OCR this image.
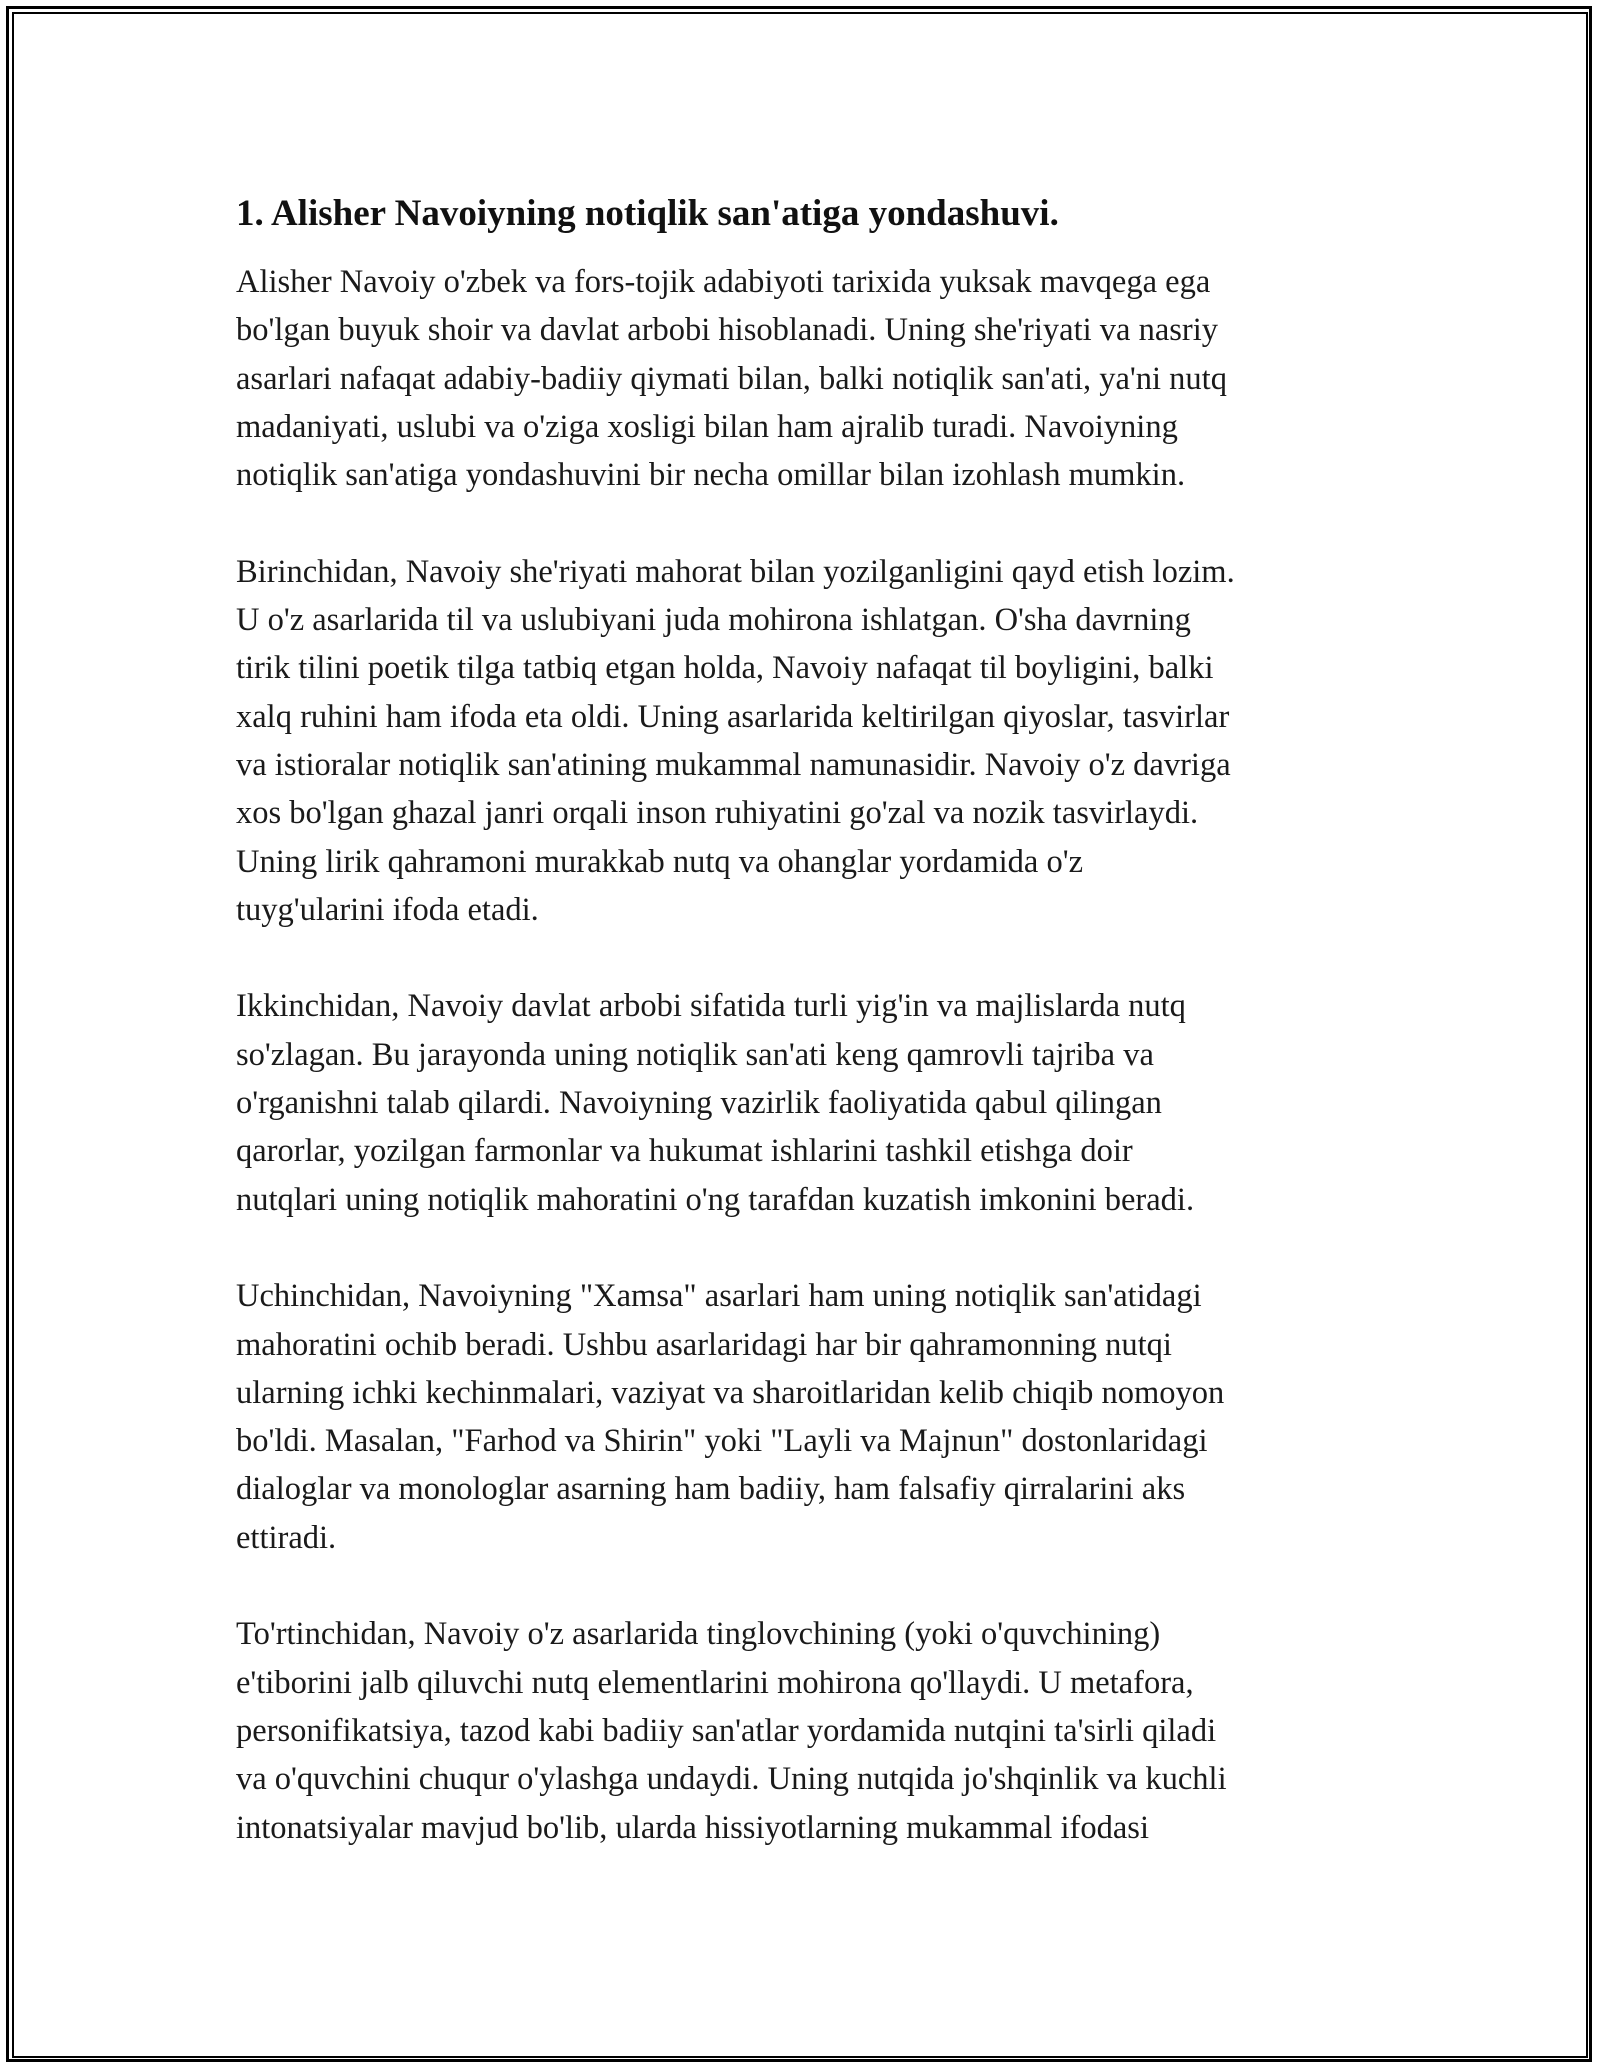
1. Alisher Navoiyning notiqlik san'atiga yondashuvi.

Alisher Navoiy o'zbek va fors-tojik adabiyoti tarixida yuksak mavqega ega
bo'lgan buyuk shoir va davlat arbobi hisoblanadi. Uning she'riyati va nasriy
asarlari nafaqat adabiy-badiiy qiymati bilan, balki notiqlik san'ati, ya'ni nutq
madaniyati, uslubi va o'ziga xosligi bilan ham ajralib turadi. Navoiyning
notiqlik san'atiga yondashuvini bir necha omillar bilan izohlash mumkin.

Birinchidan, Navoiy she'riyati mahorat bilan yozilganligini qayd etish lozim.
U o'z asarlarida til va uslubiyani juda mohirona ishlatgan. O'sha davrning
tirik tilini poetik tilga tatbiq etgan holda, Navoiy nafaqat til boyligini, balki
xalq ruhini ham ifoda eta oldi. Uning asarlarida keltirilgan qiyoslar, tasvirlar
va istioralar notiqlik san'atining mukammal namunasidir. Navoiy o'z davriga
xos bo'lgan ghazal janri orqali inson ruhiyatini go'zal va nozik tasvirlaydi.
Uning lirik qahramoni murakkab nutq va ohanglar yordamida o'z
tuyg'ularini ifoda etadi.

Ikkinchidan, Navoiy davlat arbobi sifatida turli yig'in va majlislarda nutq
so'zlagan. Bu jarayonda uning notiqlik san'ati keng qamrovli tajriba va
o'rganishni talab qilardi. Navoiyning vazirlik faoliyatida qabul qilingan
qarorlar, yozilgan farmonlar va hukumat ishlarini tashkil etishga doir
nutqlari uning notiqlik mahoratini o'ng tarafdan kuzatish imkonini beradi.

Uchinchidan, Navoiyning "Xamsa" asarlari ham uning notiqlik san'atidagi
mahoratini ochib beradi. Ushbu asarlaridagi har bir qahramonning nutqi
ularning ichki kechinmalari, vaziyat va sharoitlaridan kelib chiqib nomoyon
bo'ldi. Masalan, "Farhod va Shirin" yoki "Layli va Majnun" dostonlaridagi
dialoglar va monologlar asarning ham badiiy, ham falsafiy qirralarini aks
ettiradi.

To'rtinchidan, Navoiy o'z asarlarida tinglovchining (yoki o'quvchining)
e'tiborini jalb qiluvchi nutq elementlarini mohirona qo'llaydi. U metafora,
personifikatsiya, tazod kabi badiiy san'atlar yordamida nutqini ta'sirli qiladi
va o'quvchini chuqur o'ylashga undaydi. Uning nutqida jo'shqinlik va kuchli
intonatsiyalar mavjud bo'lib, ularda hissiyotlarning mukammal ifodasi
